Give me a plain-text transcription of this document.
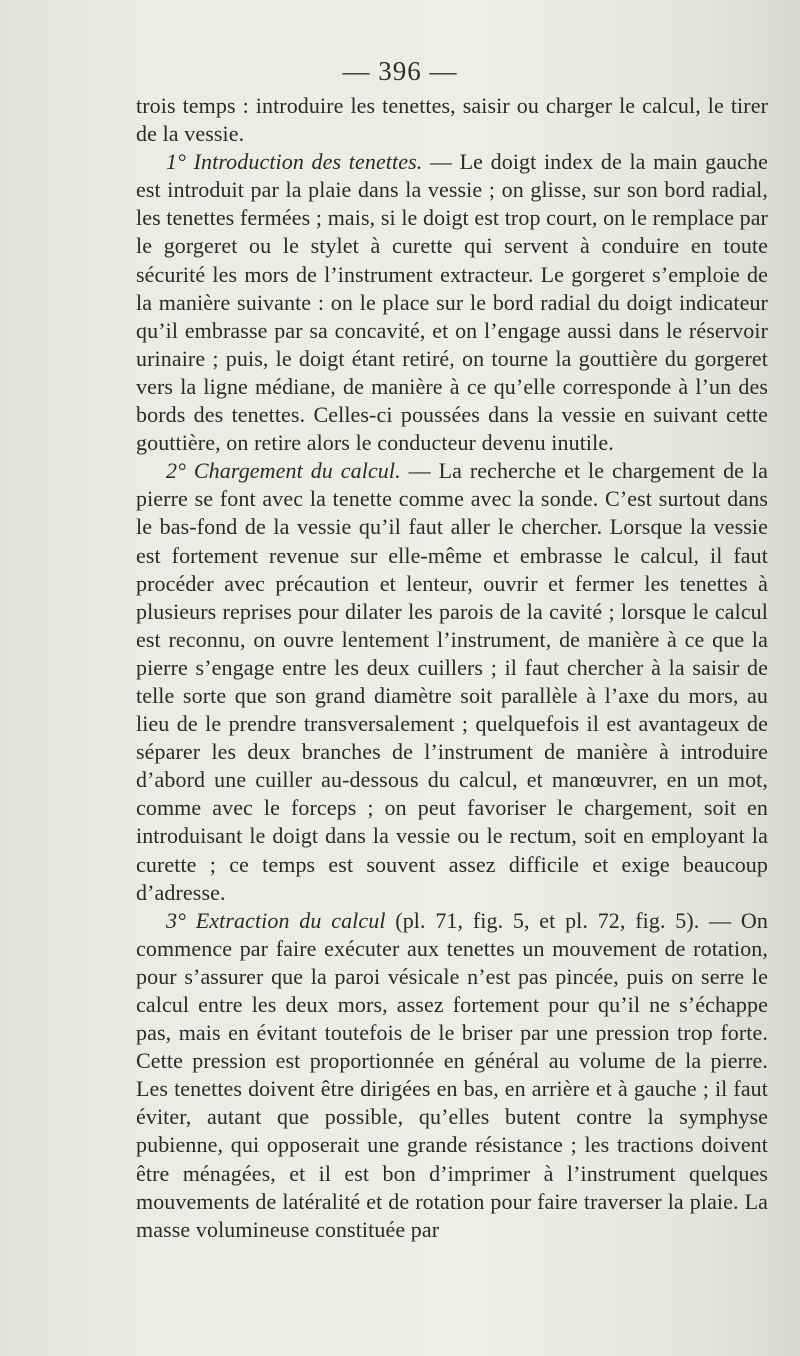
— 396 —

trois temps : introduire les tenettes, saisir ou charger le calcul, le tirer de la vessie.

1° Introduction des tenettes. — Le doigt index de la main gauche est introduit par la plaie dans la vessie ; on glisse, sur son bord radial, les tenettes fermées ; mais, si le doigt est trop court, on le remplace par le gorgeret ou le stylet à curette qui servent à conduire en toute sécurité les mors de l’instrument extracteur. Le gorgeret s’emploie de la manière suivante : on le place sur le bord radial du doigt indicateur qu’il embrasse par sa concavité, et on l’engage aussi dans le réservoir urinaire ; puis, le doigt étant retiré, on tourne la gouttière du gorgeret vers la ligne médiane, de manière à ce qu’elle corresponde à l’un des bords des tenettes. Celles-ci poussées dans la vessie en suivant cette gouttière, on retire alors le conducteur devenu inutile.

2° Chargement du calcul. — La recherche et le chargement de la pierre se font avec la tenette comme avec la sonde. C’est surtout dans le bas-fond de la vessie qu’il faut aller le chercher. Lorsque la vessie est fortement revenue sur elle-même et embrasse le calcul, il faut procéder avec précaution et lenteur, ouvrir et fermer les tenettes à plusieurs reprises pour dilater les parois de la cavité ; lorsque le calcul est reconnu, on ouvre lentement l’instrument, de manière à ce que la pierre s’engage entre les deux cuillers ; il faut chercher à la saisir de telle sorte que son grand diamètre soit parallèle à l’axe du mors, au lieu de le prendre transversalement ; quelquefois il est avantageux de séparer les deux branches de l’instrument de manière à introduire d’abord une cuiller au-dessous du calcul, et manœuvrer, en un mot, comme avec le forceps ; on peut favoriser le chargement, soit en introduisant le doigt dans la vessie ou le rectum, soit en employant la curette ; ce temps est souvent assez difficile et exige beaucoup d’adresse.

3° Extraction du calcul (pl. 71, fig. 5, et pl. 72, fig. 5). — On commence par faire exécuter aux tenettes un mouvement de rotation, pour s’assurer que la paroi vésicale n’est pas pincée, puis on serre le calcul entre les deux mors, assez fortement pour qu’il ne s’échappe pas, mais en évitant toutefois de le briser par une pression trop forte. Cette pression est proportionnée en général au volume de la pierre. Les tenettes doivent être dirigées en bas, en arrière et à gauche ; il faut éviter, autant que possible, qu’elles butent contre la symphyse pubienne, qui opposerait une grande résistance ; les tractions doivent être ménagées, et il est bon d’imprimer à l’instrument quelques mouvements de latéralité et de rotation pour faire traverser la plaie. La masse volumineuse constituée par
